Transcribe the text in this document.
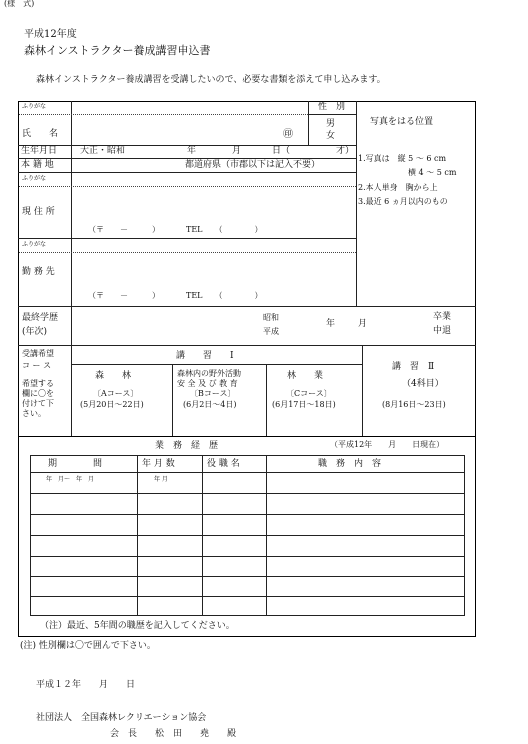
(様　式)
平成12年度
森林インストラクター養成講習申込書
森林インストラクター養成講習を受講したいので、必要な書類を添えて申し込みます。
ふりがな
氏　　名	㊞
性　別
男
女
生年月日	大正・昭和	年	月	日（	才）
本 籍 地	都道府県（市郡以下は記入不要）
ふりがな
現 住 所
（〒　　－　　　）	TEL　　（　　　　）
ふりがな
勤 務 先
（〒　　－　　　）	TEL　　（　　　　）
写真をはる位置
1.写真は　縦 5 ～ 6 cm
横 4 ～ 5 cm
2.本人単身　胸から上
3.最近 6 ヵ月以内のもの
最終学歴
(年次)
昭和
平成
年	月
卒業
中退
受講希望
コ ー ス
希望する
欄に〇を
付けて下
さい。
講　　習　　Ⅰ
講　習　Ⅱ
森　　林
〔Aコース〕
(5月20日～22日)
森林内の野外活動
安 全 及 び 教 育
〔Bコース〕
(6月2日～4日)
林　　業
〔Cコース〕
(6月17日～18日)
（4科目）
(8月16日～23日)
業　務　経　歴	（平成12年　　月　　日現在）
期　　　　間	年 月 数	役 職 名	職　務　内　容
年　月～　年　月	年 月
（注）最近、5年間の職歴を記入してください。
(注) 性別欄は〇で囲んで下さい。
平成１２年　　月　　日
社団法人　全国森林レクリエーション協会
会　長　　松　田　　堯　　殿
